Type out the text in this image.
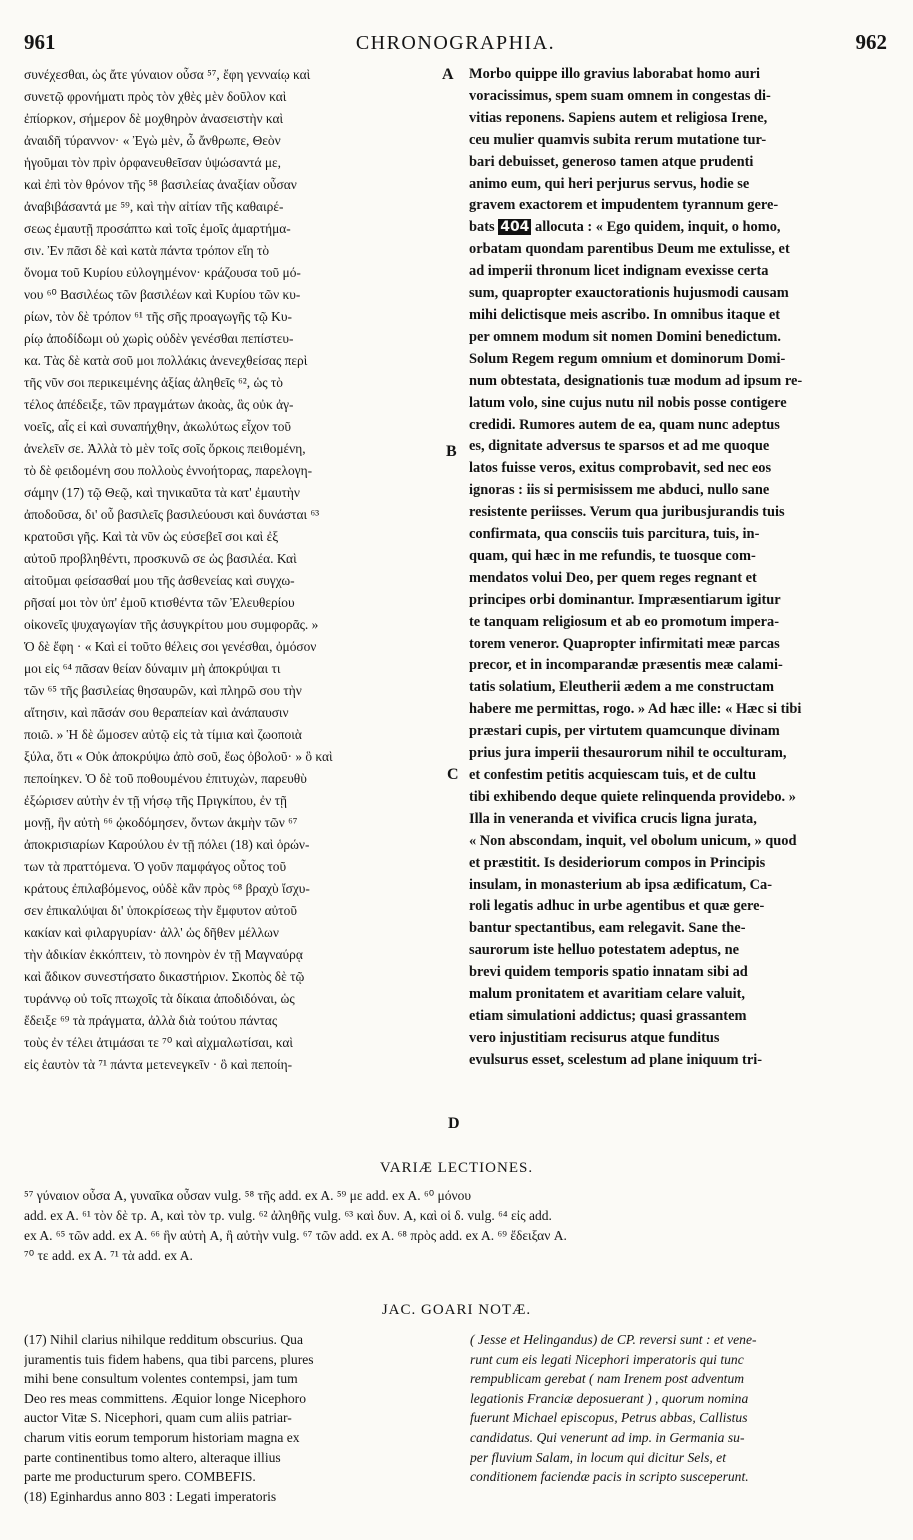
961	CHRONOGRAPHIA.	962

συνέχεσθαι, ὡς ἄτε γύναιον οὖσα ⁵⁷, ἔφη γενναίῳ καὶ

συνετῷ φρονήματι πρὸς τὸν χθὲς μὲν δοῦλον καὶ

ἐπίορκον, σήμερον δὲ μοχθηρὸν ἀνασειστὴν καὶ

ἀναιδῆ τύραννον· « Ἐγὼ μὲν, ὦ ἄνθρωπε, Θεὸν

ἡγοῦμαι τὸν πρὶν ὀρφανευθεῖσαν ὑψώσαντά με,

καὶ ἐπὶ τὸν θρόνον τῆς ⁵⁸ βασιλείας ἀναξίαν οὖσαν

ἀναβιβάσαντά με ⁵⁹, καὶ τὴν αἰτίαν τῆς καθαιρέ-

σεως ἐμαυτῇ προσάπτω καὶ τοῖς ἐμοῖς ἁμαρτήμα-

σιν. Ἐν πᾶσι δὲ καὶ κατὰ πάντα τρόπον εἴη τὸ

ὄνομα τοῦ Κυρίου εὐλογημένον· κράζουσα τοῦ μό-

νου ⁶⁰ Βασιλέως τῶν βασιλέων καὶ Κυρίου τῶν κυ-

ρίων, τὸν δὲ τρόπον ⁶¹ τῆς σῆς προαγωγῆς τῷ Κυ-

ρίῳ ἀποδίδωμι οὐ χωρὶς οὐδὲν γενέσθαι πεπίστευ-

κα. Τὰς δὲ κατὰ σοῦ μοι πολλάκις ἀνενεχθείσας περὶ

τῆς νῦν σοι περικειμένης ἀξίας ἀληθεῖς ⁶², ὡς τὸ

τέλος ἀπέδειξε, τῶν πραγμάτων ἀκοὰς, ἃς οὐκ ἀγ-

νοεῖς, αἷς εἰ καὶ συναπήχθην, ἀκωλύτως εἶχον τοῦ

ἀνελεῖν σε. Ἀλλὰ τὸ μὲν τοῖς σοῖς ὅρκοις πειθομένη,

τὸ δὲ φειδομένη σου πολλοὺς ἐννοήτορας, παρελογη-

σάμην (17) τῷ Θεῷ, καὶ τηνικαῦτα τὰ κατ' ἐμαυτὴν

ἀποδοῦσα, δι' οὗ βασιλεῖς βασιλεύουσι καὶ δυνάσται ⁶³

κρατοῦσι γῆς. Καὶ τὰ νῦν ὡς εὐσεβεῖ σοι καὶ ἐξ

αὐτοῦ προβληθέντι, προσκυνῶ σε ὡς βασιλέα. Καὶ

αἰτοῦμαι φείσασθαί μου τῆς ἀσθενείας καὶ συγχω-

ρῆσαί μοι τὸν ὑπ' ἐμοῦ κτισθέντα τῶν Ἐλευθερίου

οἰκονεῖς ψυχαγωγίαν τῆς ἀσυγκρίτου μου συμφορᾶς. »

Ὁ δὲ ἔφη · « Καὶ εἰ τοῦτο θέλεις σοι γενέσθαι, ὀμόσον

μοι εἰς ⁶⁴ πᾶσαν θείαν δύναμιν μὴ ἀποκρύψαι τι

τῶν ⁶⁵ τῆς βασιλείας θησαυρῶν, καὶ πληρῶ σου τὴν

αἴτησιν, καὶ πᾶσάν σου θεραπείαν καὶ ἀνάπαυσιν

ποιῶ. » Ἡ δὲ ὤμοσεν αὐτῷ εἰς τὰ τίμια καὶ ζωοποιὰ

ξύλα, ὅτι « Οὐκ ἀποκρύψω ἀπὸ σοῦ, ἕως ὀβολοῦ· » ὃ καὶ

πεποίηκεν. Ὁ δὲ τοῦ ποθουμένου ἐπιτυχὼν, παρευθὺ

ἐξώρισεν αὐτὴν ἐν τῇ νήσῳ τῆς Πριγκίπου, ἐν τῇ

μονῇ, ἣν αὐτὴ ⁶⁶ ᾠκοδόμησεν, ὄντων ἀκμὴν τῶν ⁶⁷

ἀποκρισιαρίων Καρούλου ἐν τῇ πόλει (18) καὶ ὁρών-

των τὰ πραττόμενα. Ὁ γοῦν παμφάγος οὗτος τοῦ

κράτους ἐπιλαβόμενος, οὐδὲ κἂν πρὸς ⁶⁸ βραχὺ ἴσχυ-

σεν ἐπικαλύψαι δι' ὑποκρίσεως τὴν ἔμφυτον αὐτοῦ

κακίαν καὶ φιλαργυρίαν· ἀλλ' ὡς δῆθεν μέλλων

τὴν ἀδικίαν ἐκκόπτειν, τὸ πονηρὸν ἐν τῇ Μαγναύρᾳ

καὶ ἄδικον συνεστήσατο δικαστήριον. Σκοπὸς δὲ τῷ

τυράννῳ οὐ τοῖς πτωχοῖς τὰ δίκαια ἀποδιδόναι, ὡς

ἔδειξε ⁶⁹ τὰ πράγματα, ἀλλὰ διὰ τούτου πάντας

τοὺς ἐν τέλει ἀτιμάσαι τε ⁷⁰ καὶ αἰχμαλωτίσαι, καὶ

εἰς ἑαυτὸν τὰ ⁷¹ πάντα μετενεγκεῖν · ὃ καὶ πεποίη-

Morbo quippe illo gravius laborabat homo auri

voracissimus, spem suam omnem in congestas di-

vitias reponens. Sapiens autem et religiosa Irene,

ceu mulier quamvis subita rerum mutatione tur-

bari debuisset, generoso tamen atque prudenti

animo eum, qui heri perjurus servus, hodie se

gravem exactorem et impudentem tyrannum gere-

bats 404 allocuta : « Ego quidem, inquit, o homo,

orbatam quondam parentibus Deum me extulisse, et

ad imperii thronum licet indignam evexisse certa

sum, quapropter exauctorationis hujusmodi causam

mihi delictisque meis ascribo. In omnibus itaque et

per omnem modum sit nomen Domini benedictum.

Solum Regem regum omnium et dominorum Domi-

num obtestata, designationis tuæ modum ad ipsum re-

latum volo, sine cujus nutu nil nobis posse contigere

credidi. Rumores autem de ea, quam nunc adeptus

es, dignitate adversus te sparsos et ad me quoque

latos fuisse veros, exitus comprobavit, sed nec eos

ignoras : iis si permisissem me abduci, nullo sane

resistente periisses. Verum qua juribusjurandis tuis

confirmata, qua consciis tuis parcitura, tuis, in-

quam, qui hæc in me refundis, te tuosque com-

mendatos volui Deo, per quem reges regnant et

principes orbi dominantur. Impræsentiarum igitur

te tanquam religiosum et ab eo promotum impera-

torem veneror. Quapropter infirmitati meæ parcas

precor, et in incomparandæ præsentis meæ calami-

tatis solatium, Eleutherii ædem a me constructam

habere me permittas, rogo. » Ad hæc ille: « Hæc si tibi

præstari cupis, per virtutem quamcunque divinam

prius jura imperii thesaurorum nihil te occulturam,

et confestim petitis acquiescam tuis, et de cultu

tibi exhibendo deque quiete relinquenda providebo. »

Illa in veneranda et vivifica crucis ligna jurata,

« Non abscondam, inquit, vel obolum unicum, » quod

et præstitit. Is desideriorum compos in Principis

insulam, in monasterium ab ipsa ædificatum, Ca-

roli legatis adhuc in urbe agentibus et quæ gere-

bantur spectantibus, eam relegavit. Sane the-

saurorum iste helluo potestatem adeptus, ne

brevi quidem temporis spatio innatam sibi ad

malum pronitatem et avaritiam celare valuit,

etiam simulationi addictus; quasi grassantem

vero injustitiam recisurus atque funditus

evulsurus esset, scelestum ad plane iniquum tri-

A
B
C
D
VARIÆ LECTIONES.

⁵⁷ γύναιον οὖσα A, γυναῖκα οὖσαν vulg. ⁵⁸ τῆς add. ex A. ⁵⁹ με add. ex A. ⁶⁰ μόνου

add. ex A. ⁶¹ τὸν δὲ τρ. A, καὶ τὸν τρ. vulg. ⁶² ἀληθῆς vulg. ⁶³ καὶ δυν. A, καὶ οἱ δ. vulg. ⁶⁴ εἰς add.

ex A. ⁶⁵ τῶν add. ex A. ⁶⁶ ἣν αὐτὴ A, ἣ αὐτὴν vulg. ⁶⁷ τῶν add. ex A. ⁶⁸ πρὸς add. ex A. ⁶⁹ ἔδειξαν A.

⁷⁰ τε add. ex A. ⁷¹ τὰ add. ex A.

JAC. GOARI NOTÆ.

(17) Nihil clarius nihilque redditum obscurius. Qua

juramentis tuis fidem habens, qua tibi parcens, plures

mihi bene consultum volentes contempsi, jam tum

Deo res meas committens. Æquior longe Nicephoro

auctor Vitæ S. Nicephori, quam cum aliis patriar-

charum vitis eorum temporum historiam magna ex

parte continentibus tomo altero, alteraque illius

parte me producturum spero. COMBEFIS.

(18) Eginhardus anno 803 : Legati imperatoris

( Jesse et Helingandus) de CP. reversi sunt : et vene-

runt cum eis legati Nicephori imperatoris qui tunc

rempublicam gerebat ( nam Irenem post adventum

legationis Franciæ deposuerant ) , quorum nomina

fuerunt Michael episcopus, Petrus abbas, Callistus

candidatus. Qui venerunt ad imp. in Germania su-

per fluvium Salam, in locum qui dicitur Sels, et

conditionem faciendæ pacis in scripto susceperunt.
